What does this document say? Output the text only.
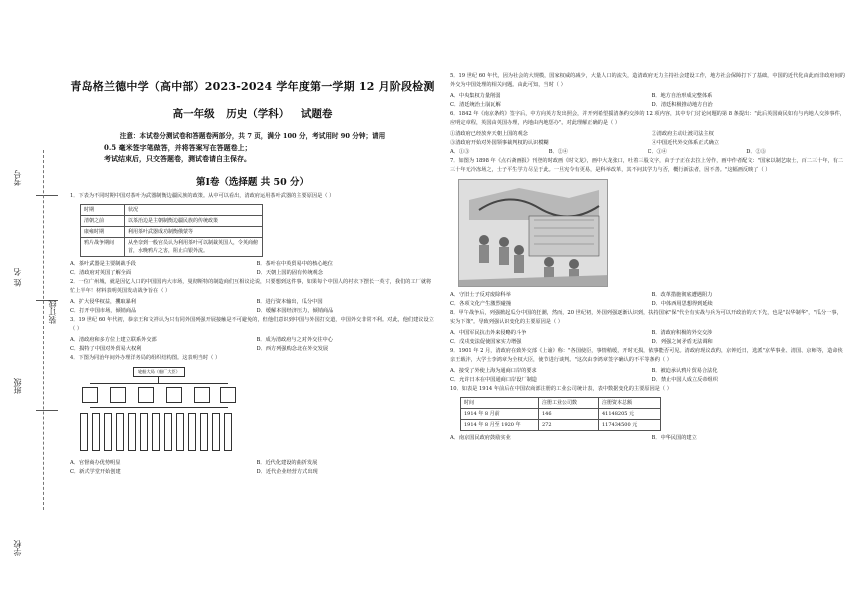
考号
姓 名
装订线
班级
学校
青岛格兰德中学（高中部）2023-2024 学年度第一学期 12 月阶段检测
高一年级 历史（学科） 试题卷
注意：本试卷分测试卷和答题卷两部分，共 7 页，满分 100 分，考试用时 90 分钟；请用
0.5 毫米签字笔做答，并将答案写在答题卷上；
考试结束后，只交答题卷，测试卷请自主保存。
第Ⅰ卷（选择题 共 50 分）
1．下表为不同时期中国对茶叶为武器制衡边疆民族的政策。从中可以看出，清政府运用茶叶武器的主要原因是（ ）
时期	状况
清朝之前	以茶治边是主朝制衡边疆民族的传统政策
康雍时期	利用茶叶武器成功制衡俄蒙等
鸦片战争期间	从坐奈到一般官员认为利用茶叶可以制裁英国人，令英商俯首，水晚鸦片之害，阻止白银外流。
A．茶叶武器是主要制裁手段	B．茶叶在中英贸易中的核心地位
C．清政府对英国了解全面	D．天朝上国的固有传统观念
2．一位广州城，就是因亿人口的中国国内大市场，曼彻斯特的制造商们互相议论说，只要想到这件事，如果每个中国人的衬衣下摆长一英寸，我们的工厂就将忙上半年！材料表明英国发动战争旨在（ ）
A．扩大侵华权益，攫取暴利	B．进行资本输出，瓜分中国
C．打开中国市场，倾销商品	D．缓解本国经济压力，倾销商品
3．19 世纪 60 年代初，恭亲王和文祥认为只有同外国列强开展接触是不可避免的，但他们意识到中国与外国打交道，中国外交非常不利。对此，他们建议设立（ ）
A．清政府和多方位上建立联系外交部	B．成为清政府与之对外交往中心
C．损特了中国对外贸易大权利	D．西方列强购念北在外交发展
4．下图为同治年间外办理洋务局的组织结构图。这表明当时（ ）
轮船大局（船厂大臣）
A．官督商办优势明显	B．近代化建设的曲折发展
C．新式学堂开始创建	D．近代企业经营方式出现
5．19 世纪 60 年代，因为社会的大规模，国家权威的减少，大量人口的流失，造清政府无力主持社会建设工作，地方社会保障打下了基础，中国的近代化由此而非政府间的外交为中国处理的相关问题。由此可知，当时（ ）
A．中央集权力量削弱	B．地方自治形成完整体系
C．清廷统治土崩瓦解	D．清廷积极推动地方自治
6．1842 年《南京条约》签字后，中方向英方发出照会，并开列希望援清条约交涉的 12 项内容，其中专门讨论问题的第 8 条提出："此后英国商民如有与内地人交涉事件，应明定章程，英国由英国办理，内地由内地惩办"。对此理解正确的是（ ）
①清政府已经放弃天朝上国的观念	②清政府主动让渡司法主权
③清政府开始对外国领事裁判权的认识模糊	④中国近代外交体系正式确立
A．①③	B．②④	C．①④	D．②③
7．如图为 1898 年《点石斋画报》刊登的时政画《时文龙》，画中大龙张口，吐着三股文字，由于子正在去拉上劳作，画中作者配文："国家以制艺取士，百二三十年，有二三十年无冷冻场之，士子平生学力尽呈于此。一旦宪令有更易，是科举改革，其不问其学力与否，概行新法者，因不善。"这幅画反映了（ ）
A．守旧士子反对废除科举	B．改革措施彻底遭遇阻力
C．各项文化产生激烈碰撞	D．中体西用思想得到延续
8．甲午战争后，列强掀起瓜分中国的狂潮，然而，20 世纪初，外国列强逐渐认识到，扶持国家"保"代全有实战与兵为可以开政治的天下先，也是"以华制华"，"瓜分一事，实为下策"。导致列强认识变化的主要原因是（ ）
A．中国军民抗击外来侵略的斗争	B．清政府积极的外交交涉
C．戊戌变法促使国家实力增强	D．列强之间矛盾无法调和
9．1901 年 2 月，清政府在致外交部《上谕》称："各国使臣，事情稍缓，开时无损，依事能否可见。清政府现议改约，京钟近日，选派"京华事业、清国、京师等，造命侠亲王载沣，大学士李鸿章为全权大臣，使节进行谈判。"这次由李鸿章签字确认的不平等条约（ ）
A．接受了外使上海为通商口岸的要求	B．被迫承认鸦片贸易合法化
C．允许日本在中国通商口岸设厂制造	D．禁止中国人成立反帝组织
10．如表是 1914 年前后在中国农商部注册的工业公司统计表，表中数据变化的主要原因是（ ）
时间	注册工业公司数	注册资本总额
1914 年 8 月前	146	41148205 元
1914 年 8 月至 1920 年	272	117434500 元
A．南京国民政府鼓励实业	B．中华民国的建立
